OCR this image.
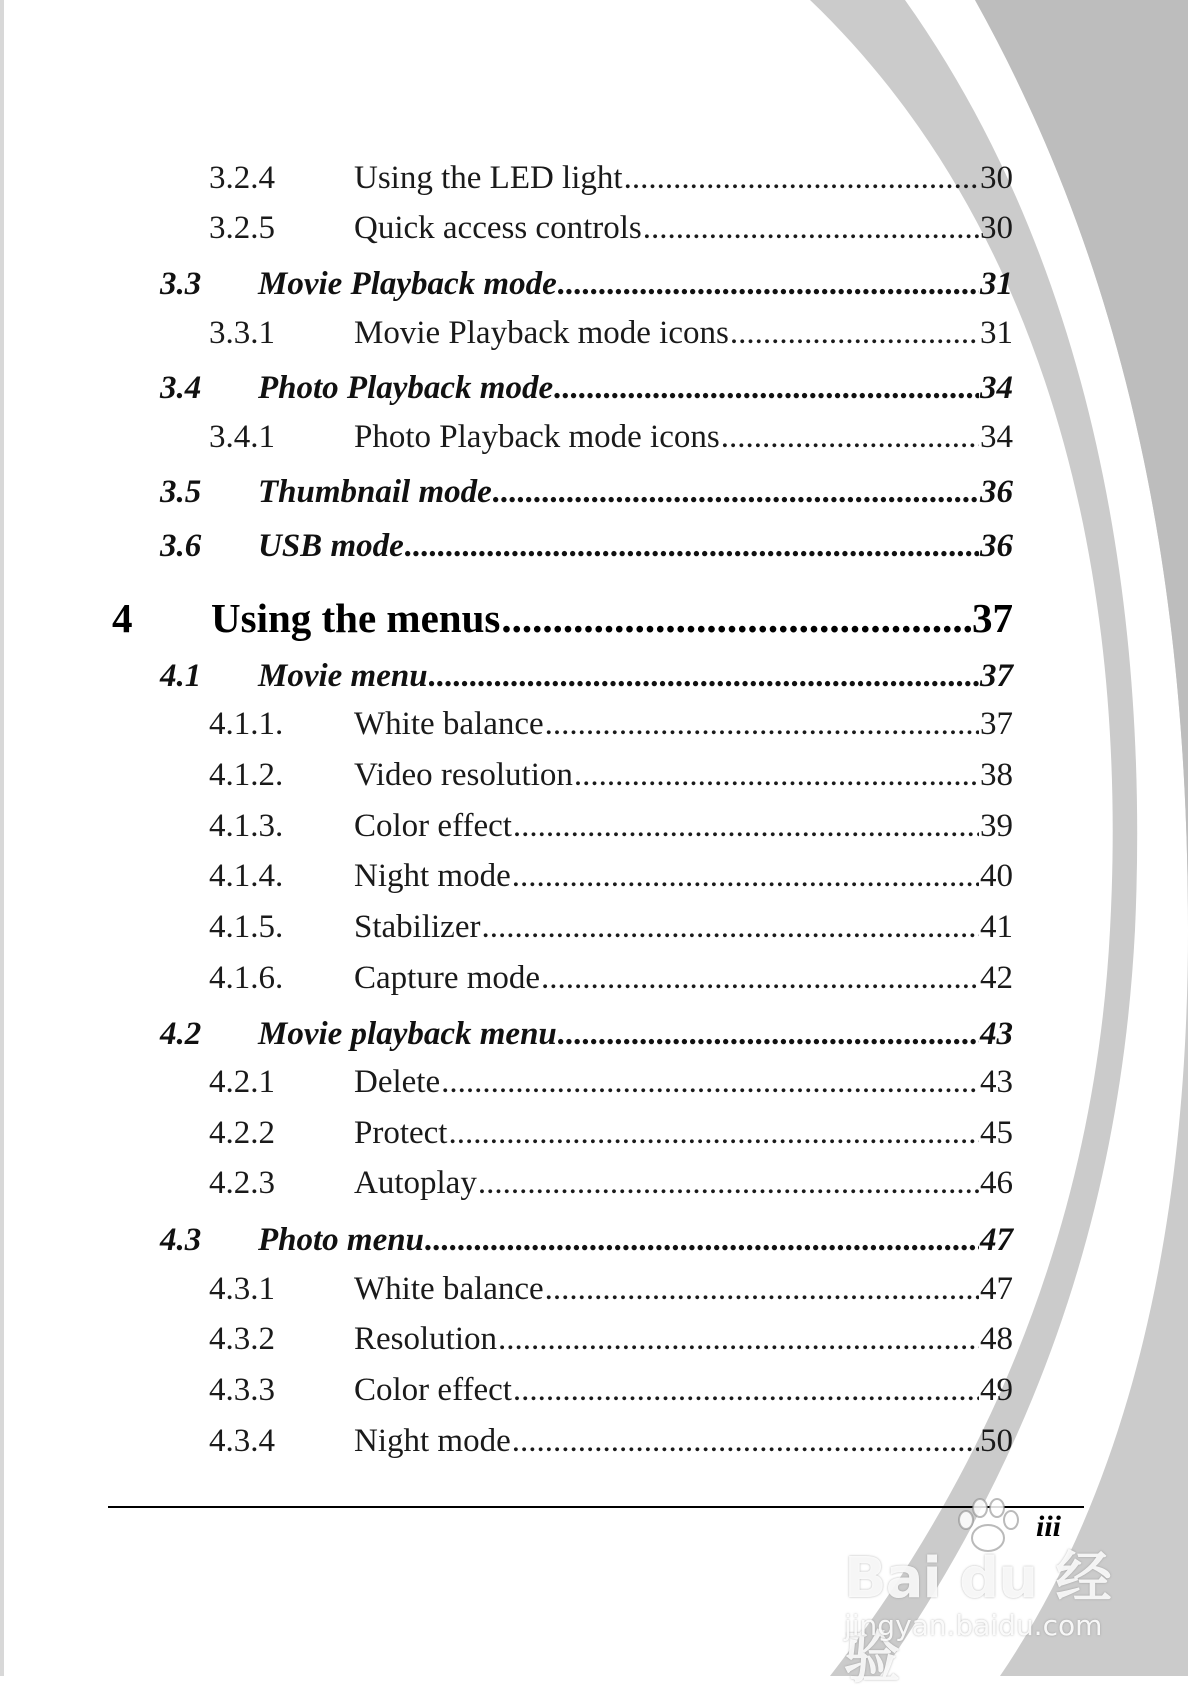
3.2.4 Using the LED light .....	30
3.2.5 Quick access controls .....	30
3.3 Movie Playback mode .....	31
3.3.1 Movie Playback mode icons .....	31
3.4 Photo Playback mode .....	34
3.4.1 Photo Playback mode icons .....	34
3.5 Thumbnail mode .....	36
3.6 USB mode .....	36
4 Using the menus .....	37
4.1 Movie menu .....	37
4.1.1. White balance .....	37
4.1.2. Video resolution .....	38
4.1.3. Color effect .....	39
4.1.4. Night mode .....	40
4.1.5. Stabilizer .....	41
4.1.6. Capture mode .....	42
4.2 Movie playback menu .....	43
4.2.1 Delete .....	43
4.2.2 Protect .....	45
4.2.3 Autoplay .....	46
4.3 Photo menu .....	47
4.3.1 White balance .....	47
4.3.2 Resolution .....	48
4.3.3 Color effect .....	49
4.3.4 Night mode .....	50
iii
Bai du 经验
jingyan.baidu.com
